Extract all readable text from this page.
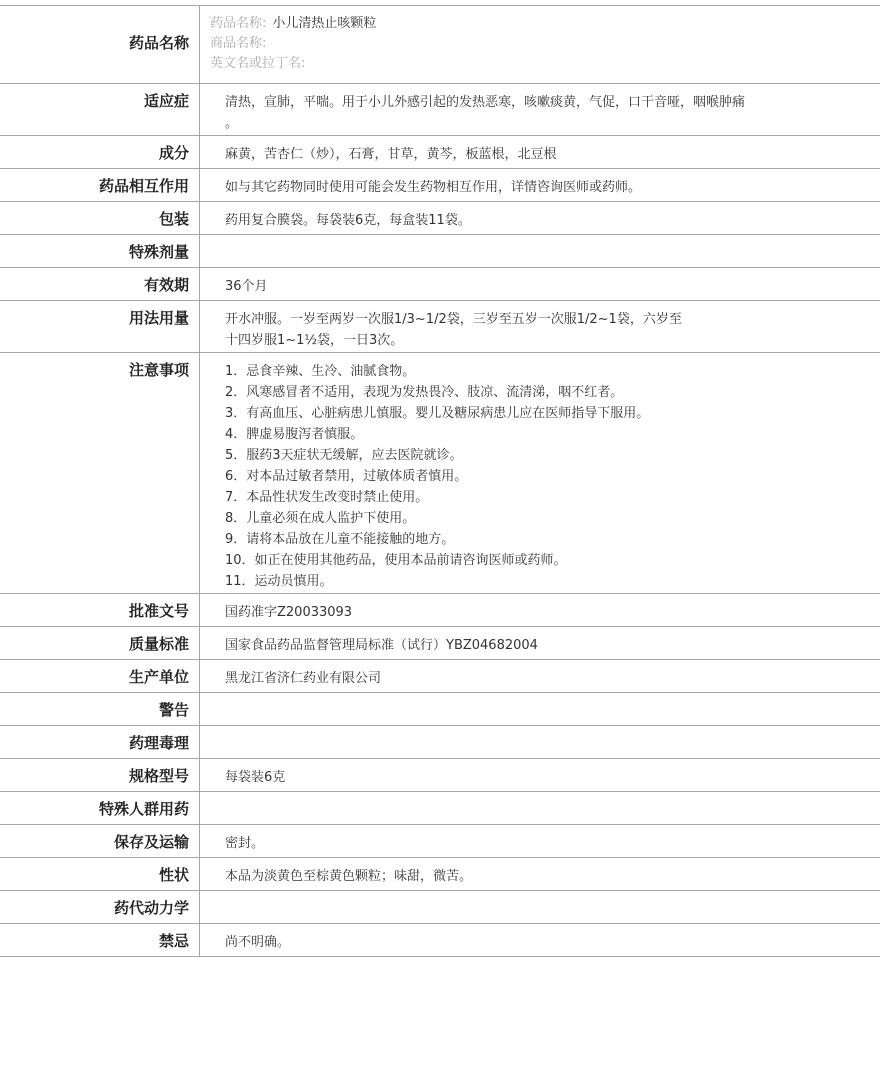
药品名称
药品名称: 小儿清热止咳颗粒
商品名称:
英文名或拉丁名:
适应症	清热，宣肺，平喘。用于小儿外感引起的发热恶寒，咳嗽痰黄，气促，口干音哑，咽喉肿痛
。
成分	麻黄，苦杏仁（炒），石膏，甘草，黄芩，板蓝根，北豆根
药品相互作用	如与其它药物同时使用可能会发生药物相互作用，详情咨询医师或药师。
包装	药用复合膜袋。每袋装6克，每盒装11袋。
特殊剂量
有效期	36个月
用法用量	开水冲服。一岁至两岁一次服1/3~1/2袋，三岁至五岁一次服1/2~1袋，六岁至
十四岁服1~1½袋，一日3次。
注意事项	1．忌食辛辣、生冷、油腻食物。
2．风寒感冒者不适用，表现为发热畏冷、肢凉、流清涕，咽不红者。
3．有高血压、心脏病患儿慎服。婴儿及糖尿病患儿应在医师指导下服用。
4．脾虚易腹泻者慎服。
5．服药3天症状无缓解，应去医院就诊。
6．对本品过敏者禁用，过敏体质者慎用。
7．本品性状发生改变时禁止使用。
8．儿童必须在成人监护下使用。
9．请将本品放在儿童不能接触的地方。
10．如正在使用其他药品，使用本品前请咨询医师或药师。
11．运动员慎用。
批准文号	国药准字Z20033093
质量标准	国家食品药品监督管理局标准（试行）YBZ04682004
生产单位	黑龙江省济仁药业有限公司
警告
药理毒理
规格型号	每袋装6克
特殊人群用药
保存及运输	密封。
性状	本品为淡黄色至棕黄色颗粒；味甜，微苦。
药代动力学
禁忌	尚不明确。
